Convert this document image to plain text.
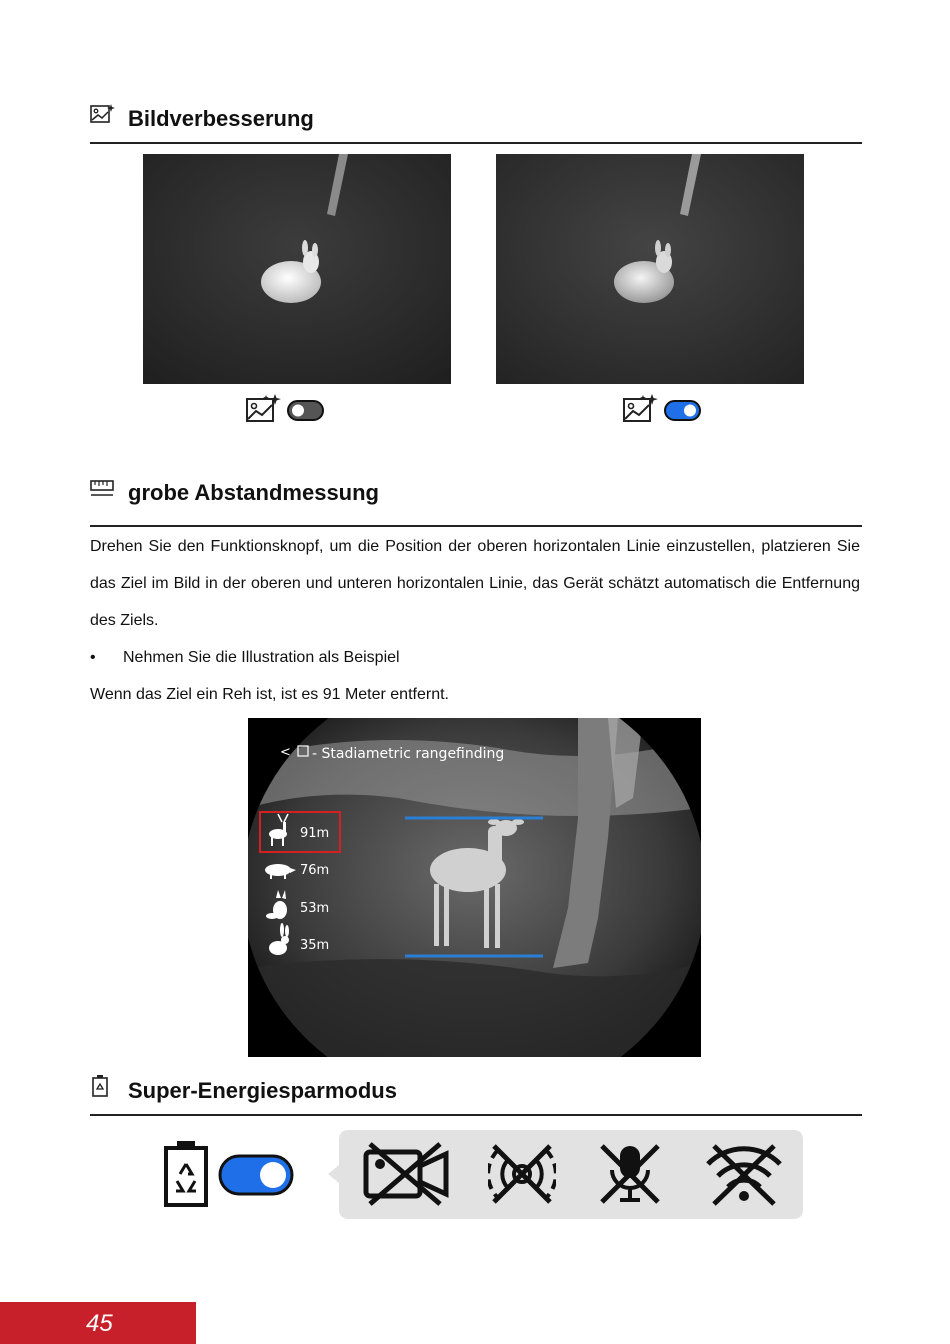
Bildverbesserung
grobe Abstandmessung

Drehen Sie den Funktionsknopf, um die Position der oberen horizontalen Linie einzustellen, platzieren Sie das Ziel im Bild in der oberen und unteren horizontalen Linie, das Gerät schätzt automatisch die Entfernung des Ziels.

• Nehmen Sie die Illustration als Beispiel

Wenn das Ziel ein Reh ist, ist es 91 Meter entfernt.

< - Stadiametric rangefinding
91m
76m
53m
35m
Super-Energiesparmodus
45
